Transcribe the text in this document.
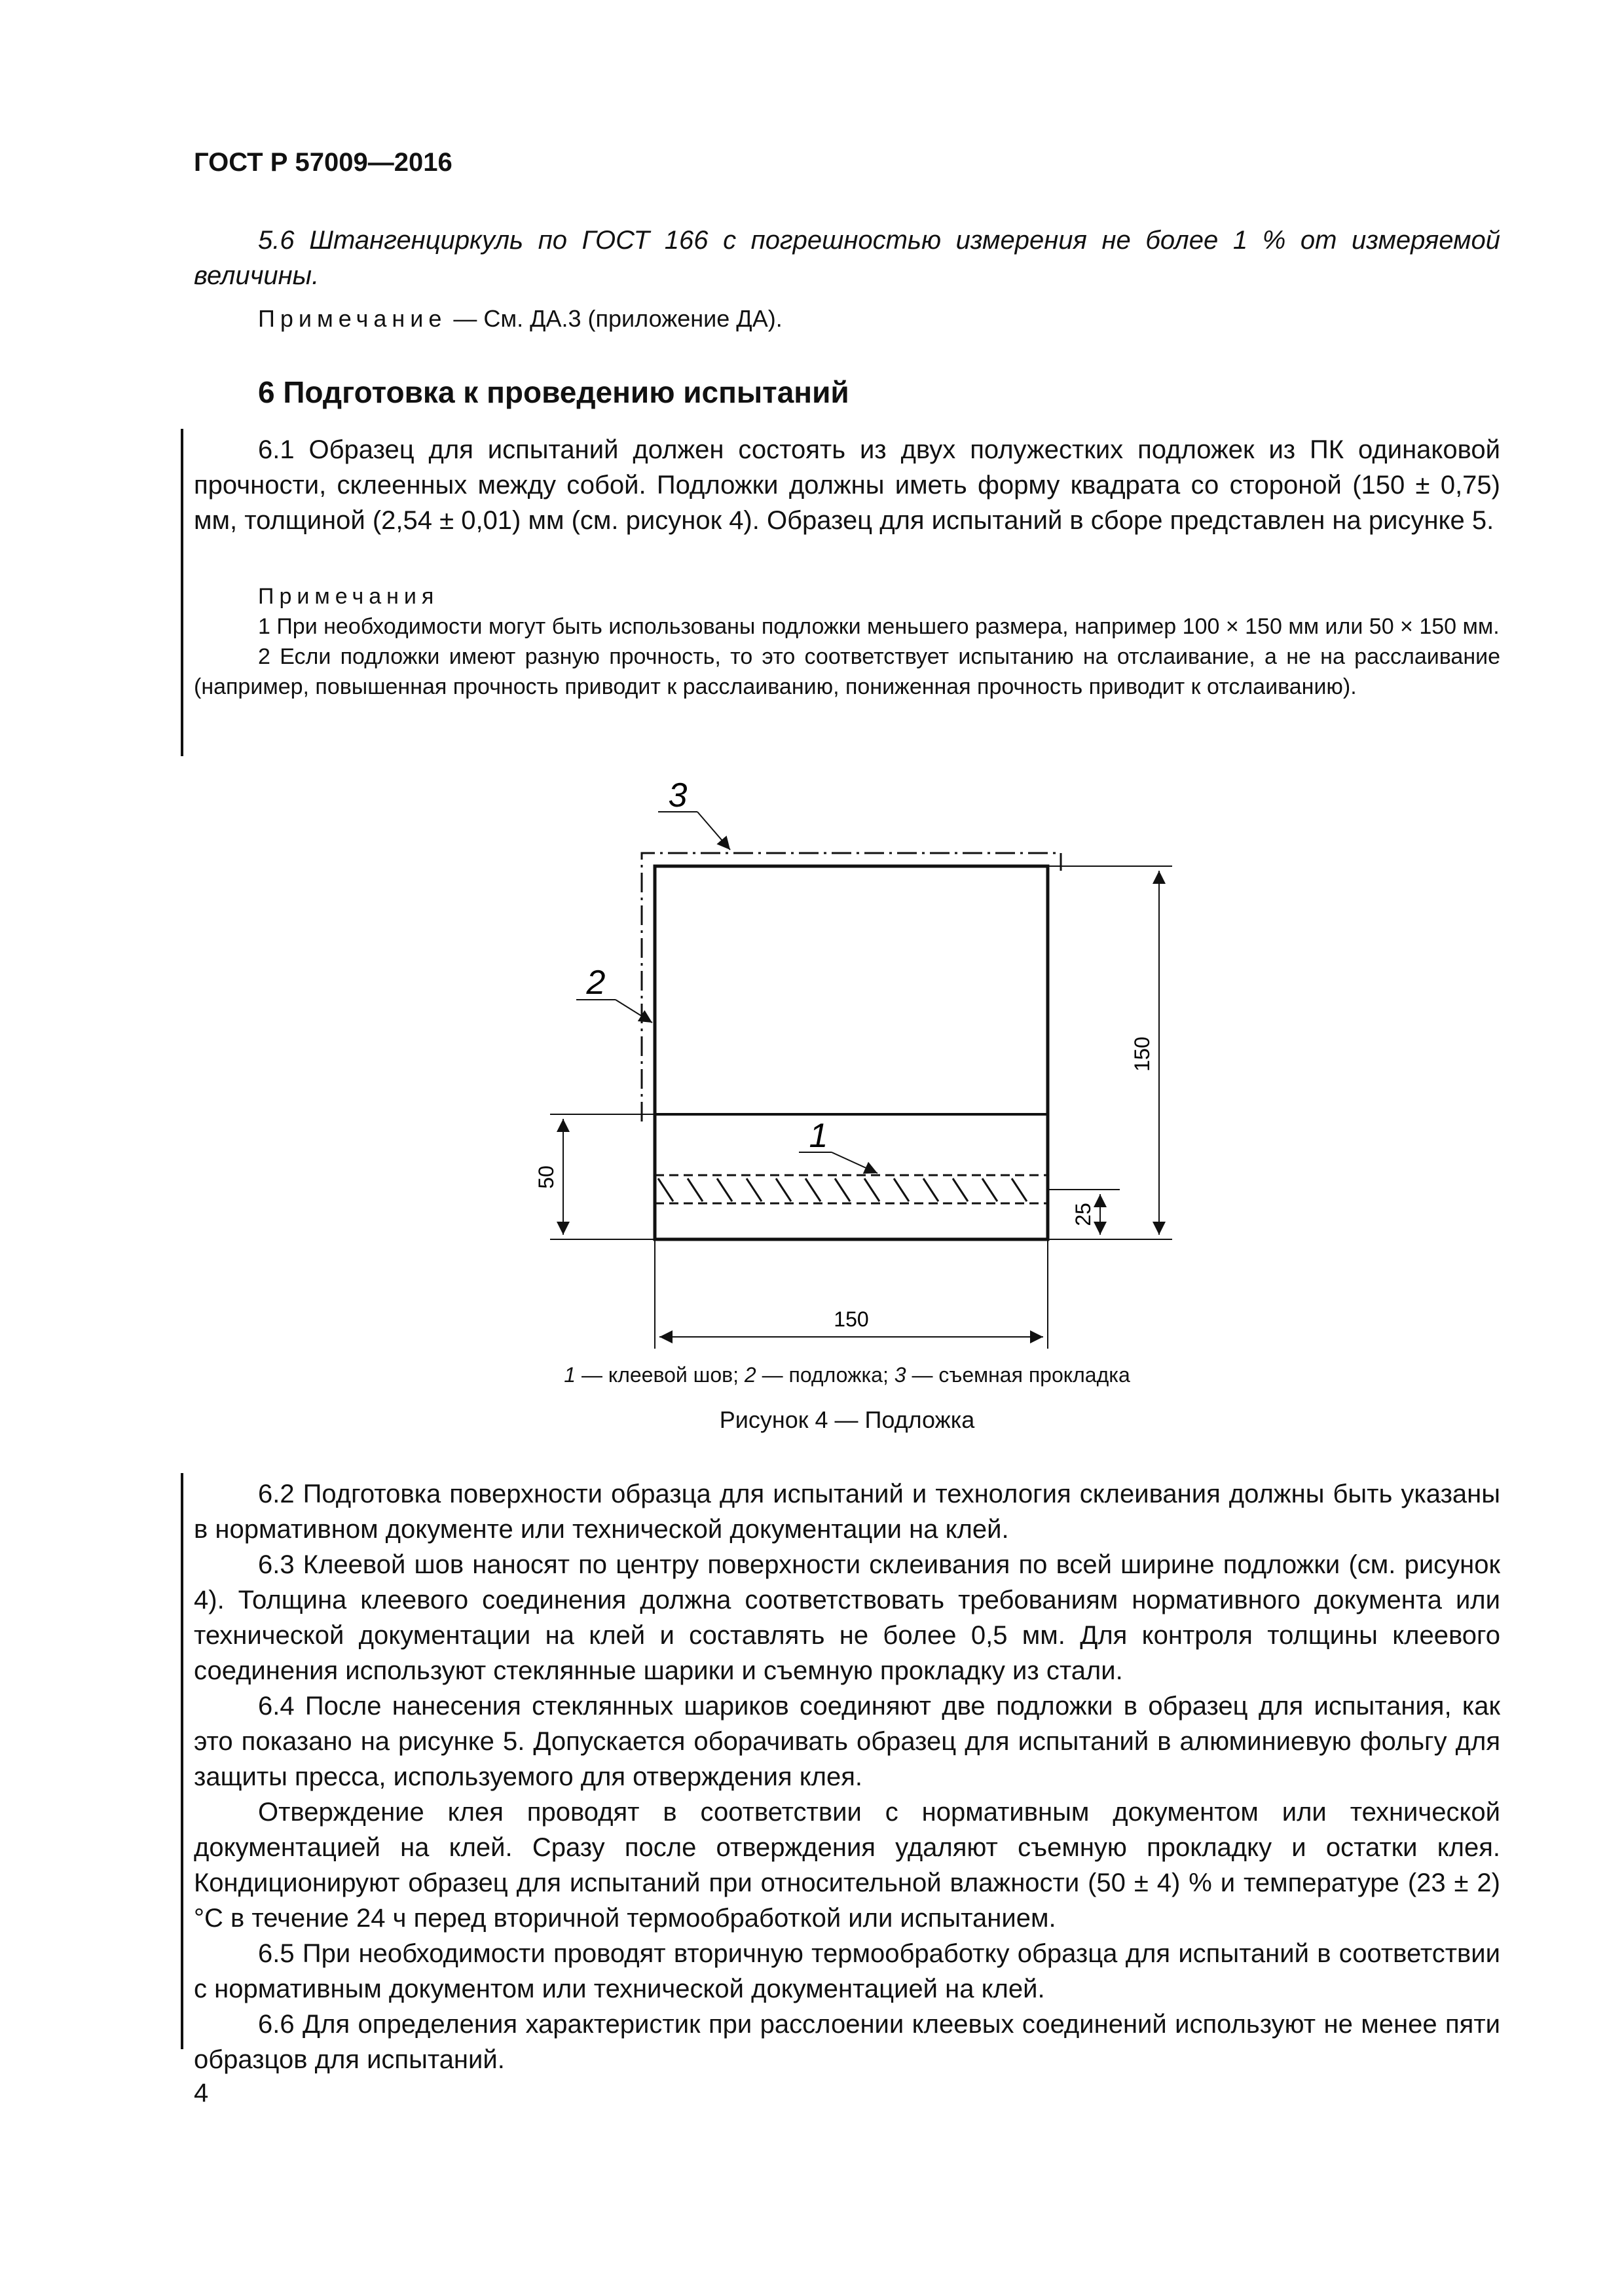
ГОСТ Р 57009—2016

5.6 Штангенциркуль по ГОСТ 166 с погрешностью измерения не более 1 % от измеряемой величины.

Примечание — См. ДА.3 (приложение ДА).

6 Подготовка к проведению испытаний

6.1 Образец для испытаний должен состоять из двух полужестких подложек из ПК одинаковой прочности, склеенных между собой. Подложки должны иметь форму квадрата со стороной (150 ± 0,75) мм, толщиной (2,54 ± 0,01) мм (см. рисунок 4). Образец для испытаний в сборе представлен на рисунке 5.

Примечания

1 При необходимости могут быть использованы подложки меньшего размера, например 100 × 150 мм или 50 × 150 мм.

2 Если подложки имеют разную прочность, то это соответствует испытанию на отслаивание, а не на расслаивание (например, повышенная прочность приводит к расслаиванию, пониженная прочность приводит к отслаиванию).

150
25
50
150
3
2
1
1 — клеевой шов; 2 — подложка; 3 — съемная прокладка
Рисунок 4 — Подложка

6.2 Подготовка поверхности образца для испытаний и технология склеивания должны быть указаны в нормативном документе или технической документации на клей.

6.3 Клеевой шов наносят по центру поверхности склеивания по всей ширине подложки (см. рисунок 4). Толщина клеевого соединения должна соответствовать требованиям нормативного документа или технической документации на клей и составлять не более 0,5 мм. Для контроля толщины клеевого соединения используют стеклянные шарики и съемную прокладку из стали.

6.4 После нанесения стеклянных шариков соединяют две подложки в образец для испытания, как это показано на рисунке 5. Допускается оборачивать образец для испытаний в алюминиевую фольгу для защиты пресса, используемого для отверждения клея.

Отверждение клея проводят в соответствии с нормативным документом или технической документацией на клей. Сразу после отверждения удаляют съемную прокладку и остатки клея. Кондиционируют образец для испытаний при относительной влажности (50 ± 4) % и температуре (23 ± 2) °C в течение 24 ч перед вторичной термообработкой или испытанием.

6.5 При необходимости проводят вторичную термообработку образца для испытаний в соответствии с нормативным документом или технической документацией на клей.

6.6 Для определения характеристик при расслоении клеевых соединений используют не менее пяти образцов для испытаний.

4
